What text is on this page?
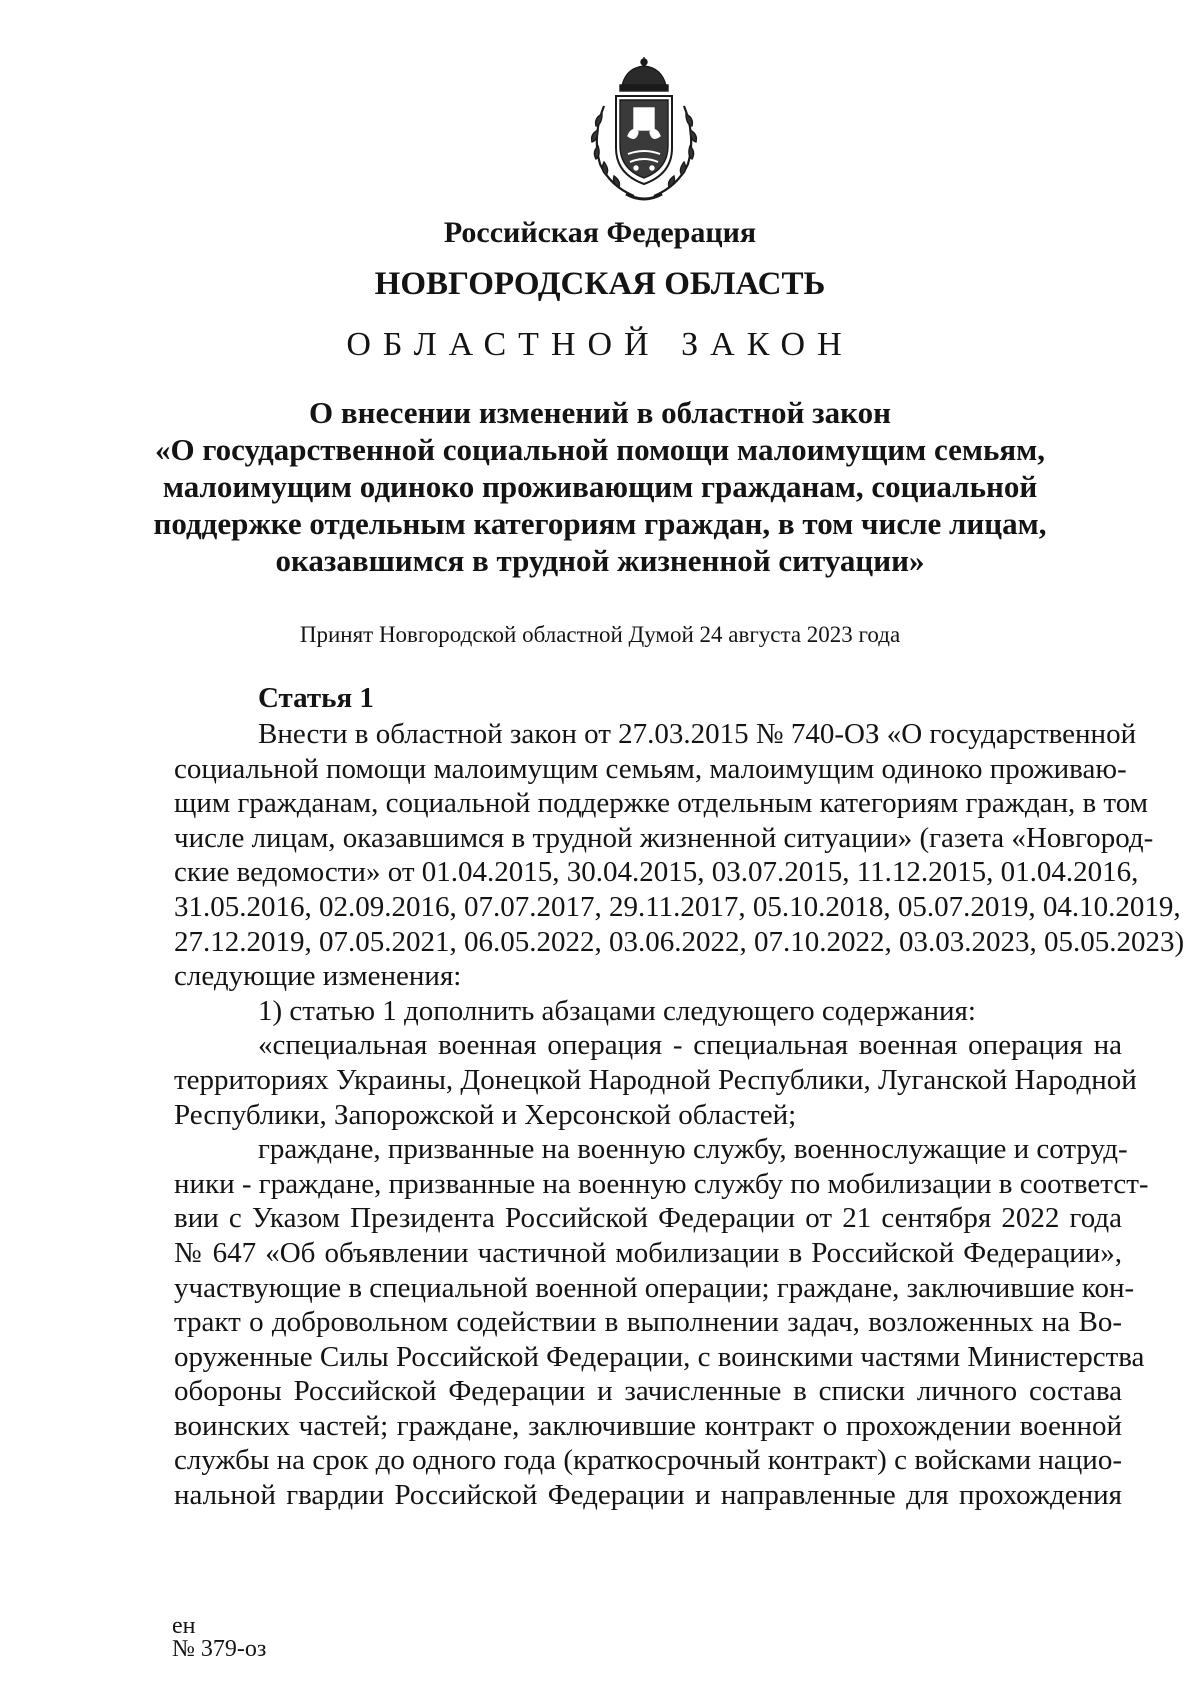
Российская Федерация
НОВГОРОДСКАЯ ОБЛАСТЬ
ОБЛАСТНОЙ ЗАКОН
О внесении изменений в областной закон
«О государственной социальной помощи малоимущим семьям,
малоимущим одиноко проживающим гражданам, социальной
поддержке отдельным категориям граждан, в том числе лицам,
оказавшимся в трудной жизненной ситуации»
Принят Новгородской областной Думой 24 августа 2023 года
Статья 1
Внести в областной закон от 27.03.2015 № 740-ОЗ «О государственной
социальной помощи малоимущим семьям, малоимущим одиноко проживаю-
щим гражданам, социальной поддержке отдельным категориям граждан, в том
числе лицам, оказавшимся в трудной жизненной ситуации» (газета «Новгород-
ские ведомости» от 01.04.2015, 30.04.2015, 03.07.2015, 11.12.2015, 01.04.2016,
31.05.2016, 02.09.2016, 07.07.2017, 29.11.2017, 05.10.2018, 05.07.2019, 04.10.2019,
27.12.2019, 07.05.2021, 06.05.2022, 03.06.2022, 07.10.2022, 03.03.2023, 05.05.2023)
следующие изменения:
1) статью 1 дополнить абзацами следующего содержания:
«специальная военная операция - специальная военная операция на
территориях Украины, Донецкой Народной Республики, Луганской Народной
Республики, Запорожской и Херсонской областей;
граждане, призванные на военную службу, военнослужащие и сотруд-
ники - граждане, призванные на военную службу по мобилизации в соответст-
вии с Указом Президента Российской Федерации от 21 сентября 2022 года
№ 647 «Об объявлении частичной мобилизации в Российской Федерации»,
участвующие в специальной военной операции; граждане, заключившие кон-
тракт о добровольном содействии в выполнении задач, возложенных на Во-
оруженные Силы Российской Федерации, с воинскими частями Министерства
обороны Российской Федерации и зачисленные в списки личного состава
воинских частей; граждане, заключившие контракт о прохождении военной
службы на срок до одного года (краткосрочный контракт) с войсками нацио-
нальной гвардии Российской Федерации и направленные для прохождения
ен
№ 379-оз
